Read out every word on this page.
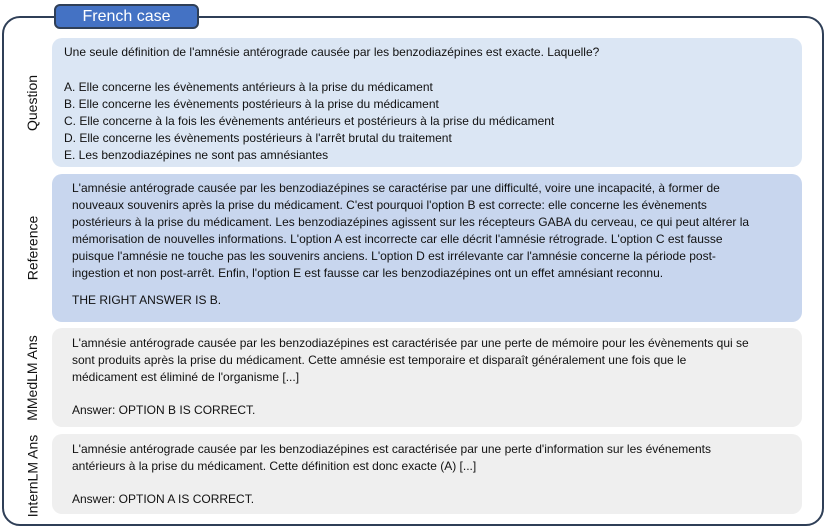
French case
Question
Reference
MMedLM Ans
InternLM Ans
Une seule définition de l'amnésie antérograde causée par les benzodiazépines est exacte. Laquelle?
A. Elle concerne les évènements antérieurs à la prise du médicament
B. Elle concerne les évènements postérieurs à la prise du médicament
C. Elle concerne à la fois les évènements antérieurs et postérieurs à la prise du médicament
D. Elle concerne les évènements postérieurs à l'arrêt brutal du traitement
E. Les benzodiazépines ne sont pas amnésiantes
L'amnésie antérograde causée par les benzodiazépines se caractérise par une difficulté, voire une incapacité, à former de
nouveaux souvenirs après la prise du médicament. C'est pourquoi l'option B est correcte: elle concerne les évènements
postérieurs à la prise du médicament. Les benzodiazépines agissent sur les récepteurs GABA du cerveau, ce qui peut altérer la
mémorisation de nouvelles informations. L'option A est incorrecte car elle décrit l'amnésie rétrograde. L'option C est fausse
puisque l'amnésie ne touche pas les souvenirs anciens. L'option D est irrélevante car l'amnésie concerne la période post-
ingestion et non post-arrêt. Enfin, l'option E est fausse car les benzodiazépines ont un effet amnésiant reconnu.
THE RIGHT ANSWER IS B.
L'amnésie antérograde causée par les benzodiazépines est caractérisée par une perte de mémoire pour les évènements qui se
sont produits après la prise du médicament. Cette amnésie est temporaire et disparaît généralement une fois que le
médicament est éliminé de l'organisme [...]
Answer: OPTION B IS CORRECT.
L'amnésie antérograde causée par les benzodiazépines est caractérisée par une perte d'information sur les événements
antérieurs à la prise du médicament. Cette définition est donc exacte (A) [...]
Answer: OPTION A IS CORRECT.
